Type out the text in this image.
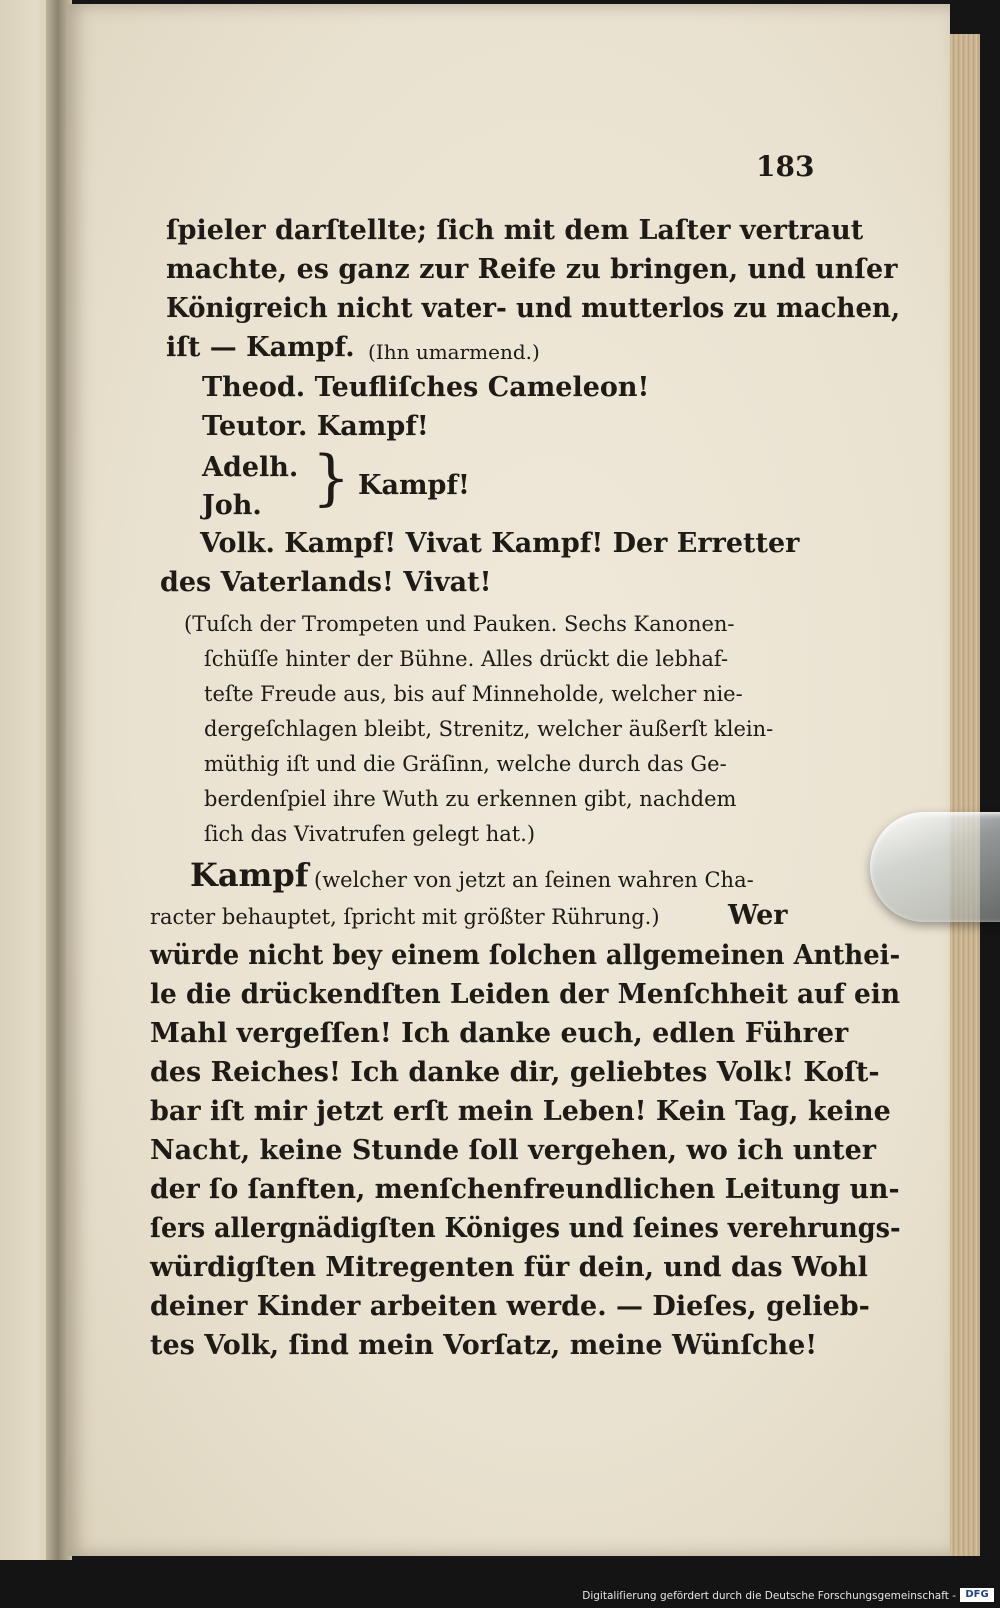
183
ſpieler darſtellte; ſich mit dem Laſter vertraut
machte, es ganz zur Reife zu bringen, und unſer
Königreich nicht vater- und mutterlos zu machen,
iſt — Kampf. (Ihn umarmend.)
Theod. Teufliſches Cameleon!
Teutor. Kampf!
Adelh.
Joh. } Kampf!
Volk. Kampf! Vivat Kampf! Der Erretter
des Vaterlands! Vivat!
(Tuſch der Trompeten und Pauken. Sechs Kanonen-
ſchüſſe hinter der Bühne. Alles drückt die lebhaf-
teſte Freude aus, bis auf Minneholde, welcher nie-
dergeſchlagen bleibt, Strenitz, welcher äußerſt klein-
müthig iſt und die Gräſinn, welche durch das Ge-
berdenſpiel ihre Wuth zu erkennen gibt, nachdem
ſich das Vivatrufen gelegt hat.)
Kampf (welcher von jetzt an ſeinen wahren Cha-
racter behauptet, ſpricht mit größter Rührung.)	Wer
würde nicht bey einem ſolchen allgemeinen Anthei-
le die drückendſten Leiden der Menſchheit auf ein
Mahl vergeſſen! Ich danke euch, edlen Führer
des Reiches! Ich danke dir, geliebtes Volk! Koſt-
bar iſt mir jetzt erſt mein Leben! Kein Tag, keine
Nacht, keine Stunde ſoll vergehen, wo ich unter
der ſo ſanften, menſchenfreundlichen Leitung un-
ſers allergnädigſten Königes und ſeines verehrungs-
würdigſten Mitregenten für dein, und das Wohl
deiner Kinder arbeiten werde. — Dieſes, gelieb-
tes Volk, ſind mein Vorſatz, meine Wünſche!
Digitaliſierung gefördert durch die Deutsche Forschungsgemeinschaft - DFG
